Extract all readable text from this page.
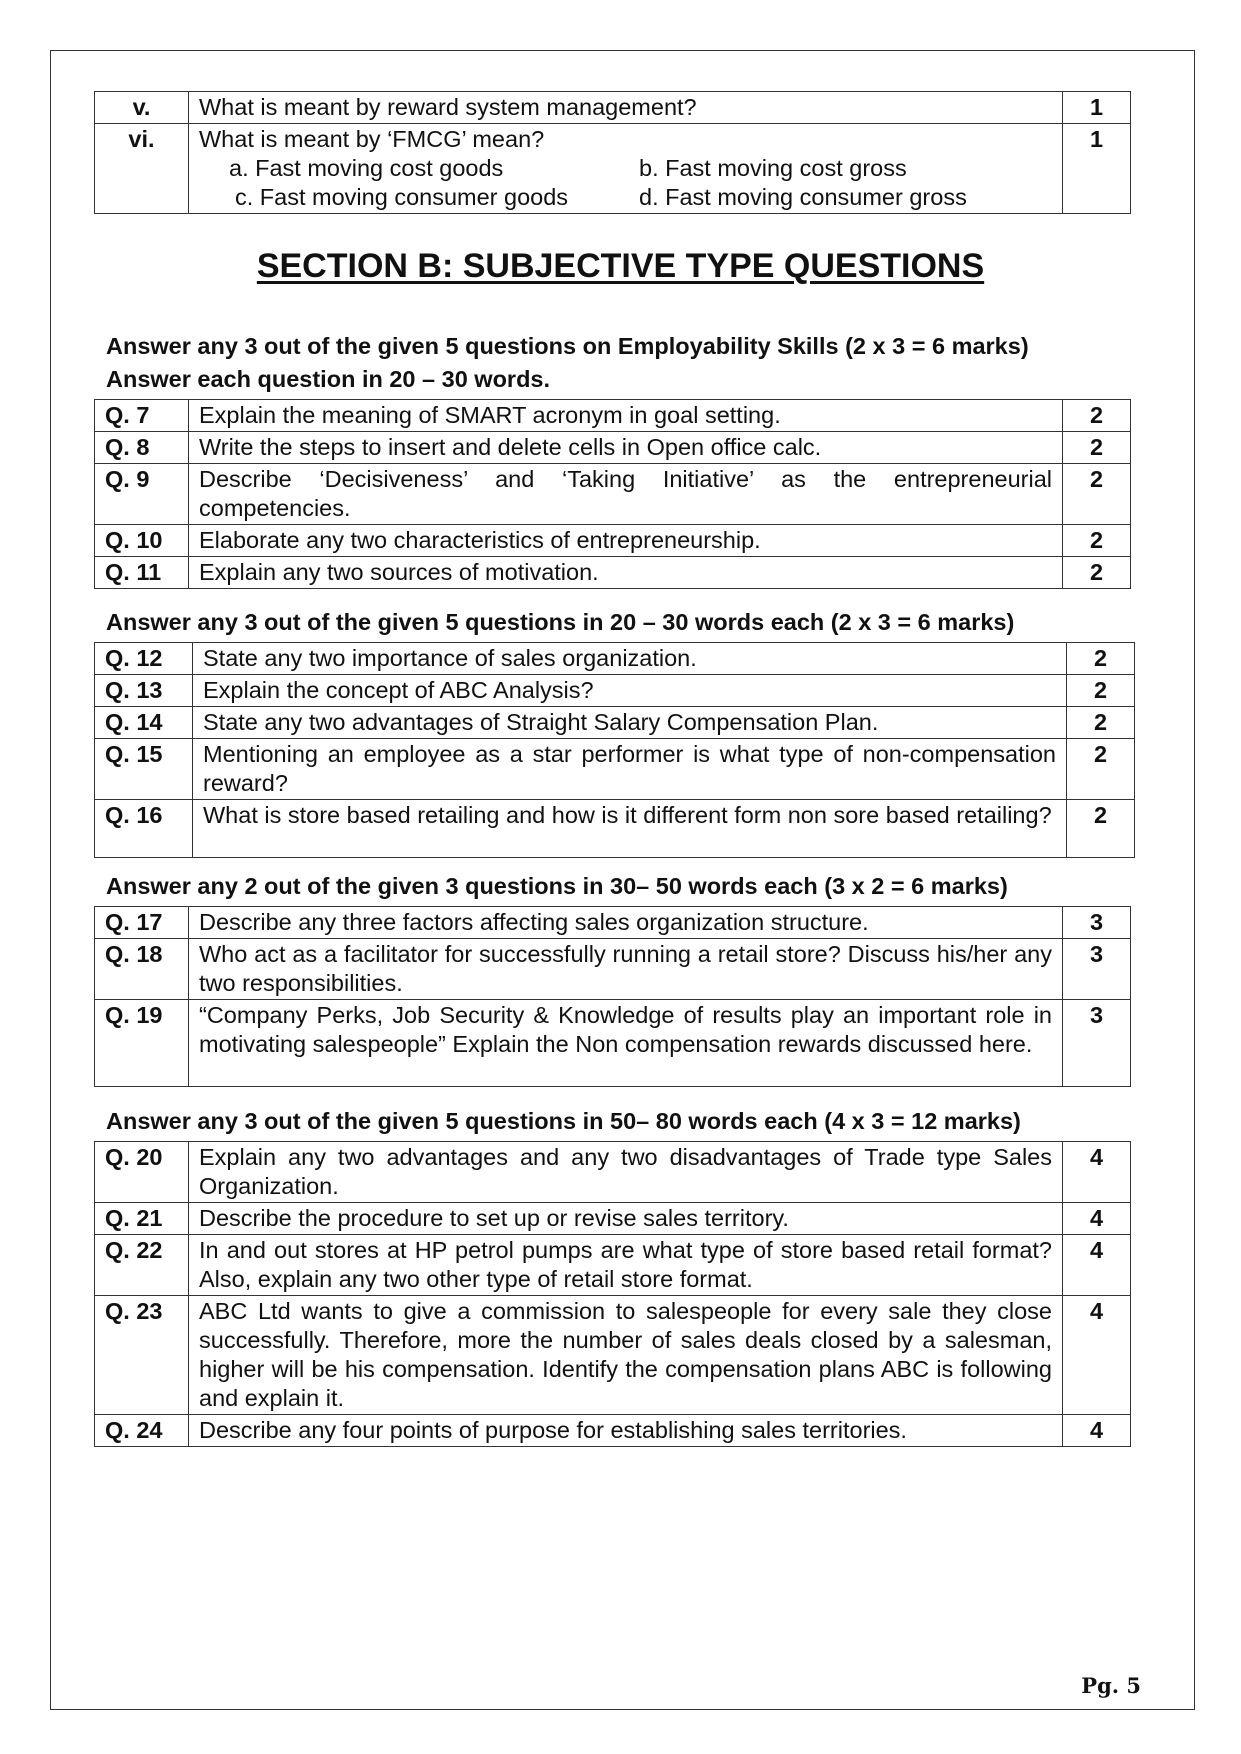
v.	What is meant by reward system management?	1
vi.	What is meant by ‘FMCG’ mean?
a. Fast moving cost goods b. Fast moving cost gross
c. Fast moving consumer goods d. Fast moving consumer gross	1
SECTION B: SUBJECTIVE TYPE QUESTIONS
Answer any 3 out of the given 5 questions on Employability Skills (2 x 3 = 6 marks)
Answer each question in 20 – 30 words.
Q. 7	Explain the meaning of SMART acronym in goal setting.	2
Q. 8	Write the steps to insert and delete cells in Open office calc.	2
Q. 9	Describe ‘Decisiveness’ and ‘Taking Initiative’ as the entrepreneurial competencies.	2
Q. 10	Elaborate any two characteristics of entrepreneurship.	2
Q. 11	Explain any two sources of motivation.	2
Answer any 3 out of the given 5 questions in 20 – 30 words each (2 x 3 = 6 marks)
Q. 12	State any two importance of sales organization.	2
Q. 13	Explain the concept of ABC Analysis?	2
Q. 14	State any two advantages of Straight Salary Compensation Plan.	2
Q. 15	Mentioning an employee as a star performer is what type of non-compensation reward?	2
Q. 16	What is store based retailing and how is it different form non sore based retailing?	2
Answer any 2 out of the given 3 questions in 30– 50 words each (3 x 2 = 6 marks)
Q. 17	Describe any three factors affecting sales organization structure.	3
Q. 18	Who act as a facilitator for successfully running a retail store? Discuss his/her any two responsibilities.	3
Q. 19	“Company Perks, Job Security & Knowledge of results play an important role in motivating salespeople” Explain the Non compensation rewards discussed here.	3
Answer any 3 out of the given 5 questions in 50– 80 words each (4 x 3 = 12 marks)
Q. 20	Explain any two advantages and any two disadvantages of Trade type Sales Organization.	4
Q. 21	Describe the procedure to set up or revise sales territory.	4
Q. 22	In and out stores at HP petrol pumps are what type of store based retail format? Also, explain any two other type of retail store format.	4
Q. 23	ABC Ltd wants to give a commission to salespeople for every sale they close successfully. Therefore, more the number of sales deals closed by a salesman, higher will be his compensation. Identify the compensation plans ABC is following and explain it.	4
Q. 24	Describe any four points of purpose for establishing sales territories.	4
Pg. 5
